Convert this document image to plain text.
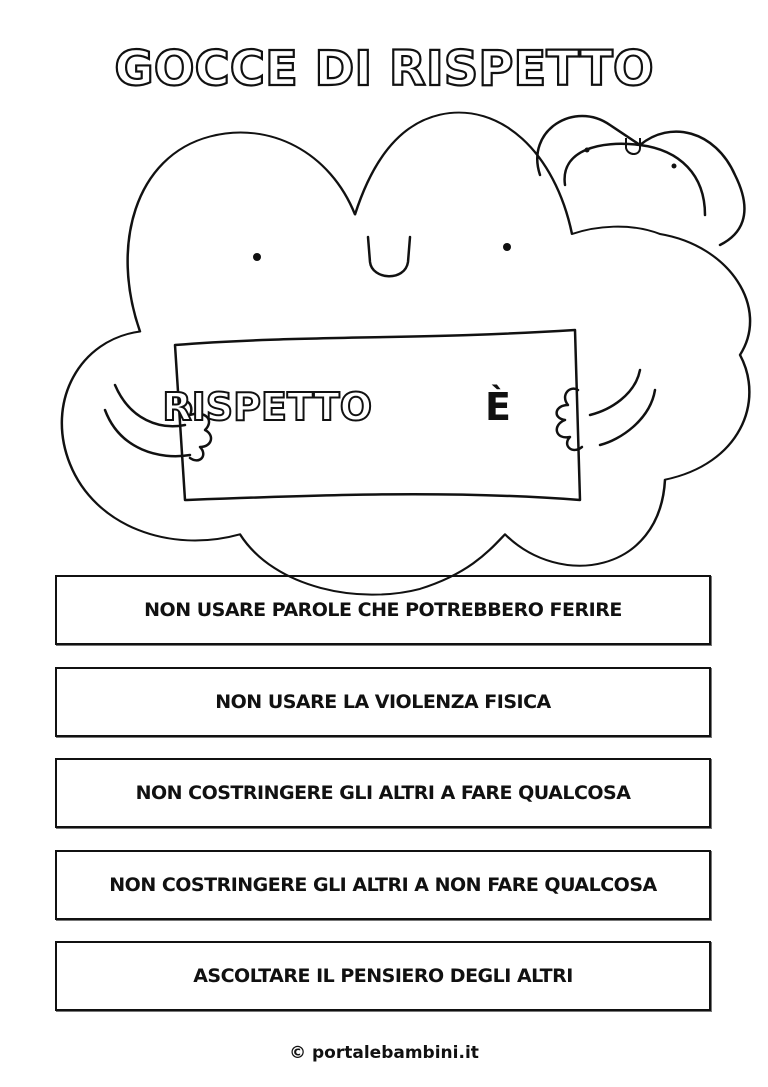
GOCCE DI RISPETTO
RISPETTO	È
NON USARE PAROLE CHE POTREBBERO FERIRE
NON USARE LA VIOLENZA FISICA
NON COSTRINGERE GLI ALTRI A FARE QUALCOSA
NON COSTRINGERE GLI ALTRI A NON FARE QUALCOSA
ASCOLTARE IL PENSIERO DEGLI ALTRI
© portalebambini.it
